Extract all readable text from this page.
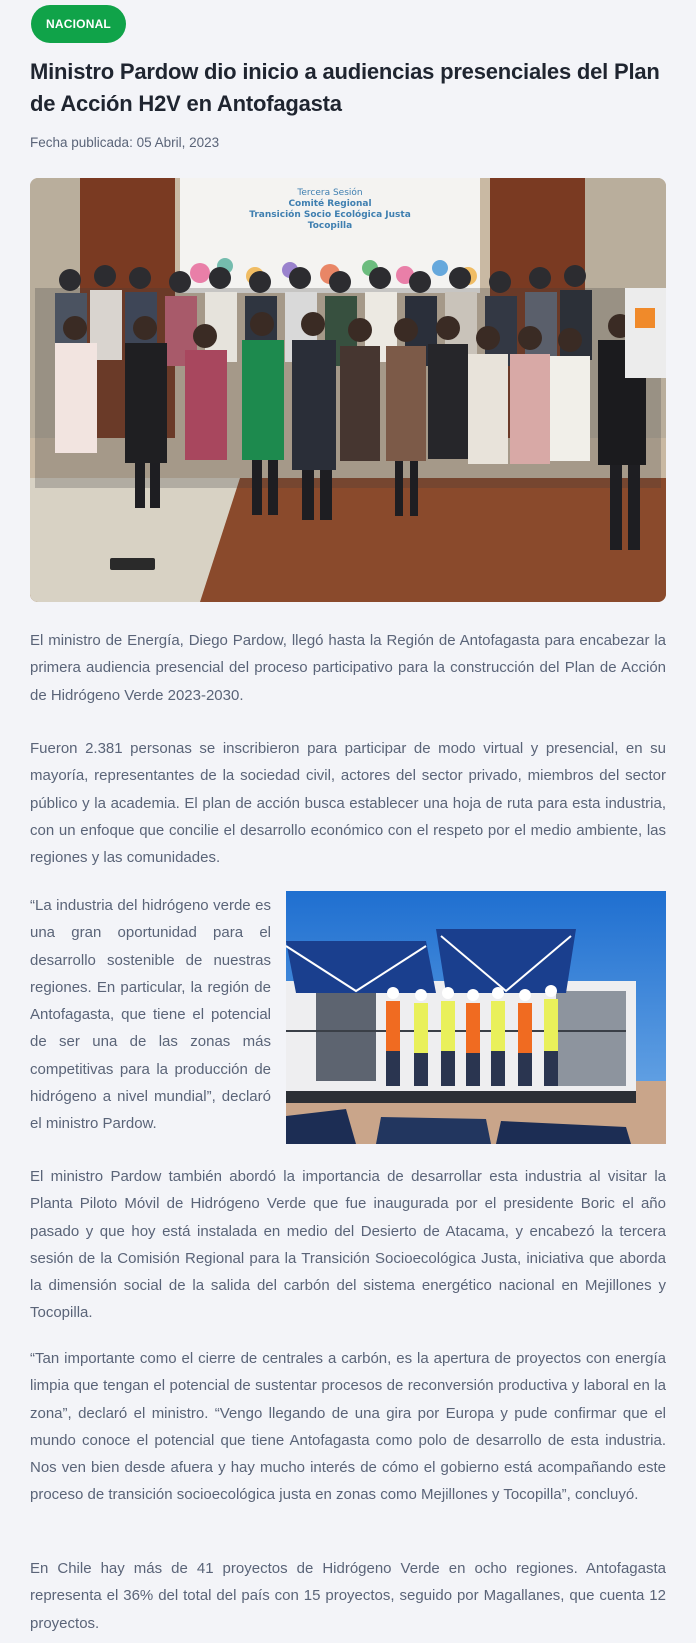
NACIONAL
Ministro Pardow dio inicio a audiencias presenciales del Plan de Acción H2V en Antofagasta
Fecha publicada: 05 Abril, 2023
Tercera Sesión
Comité Regional
Transición Socio Ecológica Justa
Tocopilla

El ministro de Energía, Diego Pardow, llegó hasta la Región de Antofagasta para encabezar la primera audiencia presencial del proceso participativo para la construcción del Plan de Acción de Hidrógeno Verde 2023-2030.

Fueron 2.381 personas se inscribieron para participar de modo virtual y presencial, en su mayoría, representantes de la sociedad civil, actores del sector privado, miembros del sector público y la academia. El plan de acción busca establecer una hoja de ruta para esta industria, con un enfoque que concilie el desarrollo económico con el respeto por el medio ambiente, las regiones y las comunidades.

“La industria del hidrógeno verde es una gran oportunidad para el desarrollo sostenible de nuestras regiones. En particular, la región de Antofagasta, que tiene el potencial de ser una de las zonas más competitivas para la producción de hidrógeno a nivel mundial”, declaró el ministro Pardow.

El ministro Pardow también abordó la importancia de desarrollar esta industria al visitar la Planta Piloto Móvil de Hidrógeno Verde que fue inaugurada por el presidente Boric el año pasado y que hoy está instalada en medio del Desierto de Atacama, y encabezó la tercera sesión de la Comisión Regional para la Transición Socioecológica Justa, iniciativa que aborda la dimensión social de la salida del carbón del sistema energético nacional en Mejillones y Tocopilla.

“Tan importante como el cierre de centrales a carbón, es la apertura de proyectos con energía limpia que tengan el potencial de sustentar procesos de reconversión productiva y laboral en la zona”, declaró el ministro. “Vengo llegando de una gira por Europa y pude confirmar que el mundo conoce el potencial que tiene Antofagasta como polo de desarrollo de esta industria. Nos ven bien desde afuera y hay mucho interés de cómo el gobierno está acompañando este proceso de transición socioecológica justa en zonas como Mejillones y Tocopilla”, concluyó.

En Chile hay más de 41 proyectos de Hidrógeno Verde en ocho regiones. Antofagasta representa el 36% del total del país con 15 proyectos, seguido por Magallanes, que cuenta 12 proyectos.
